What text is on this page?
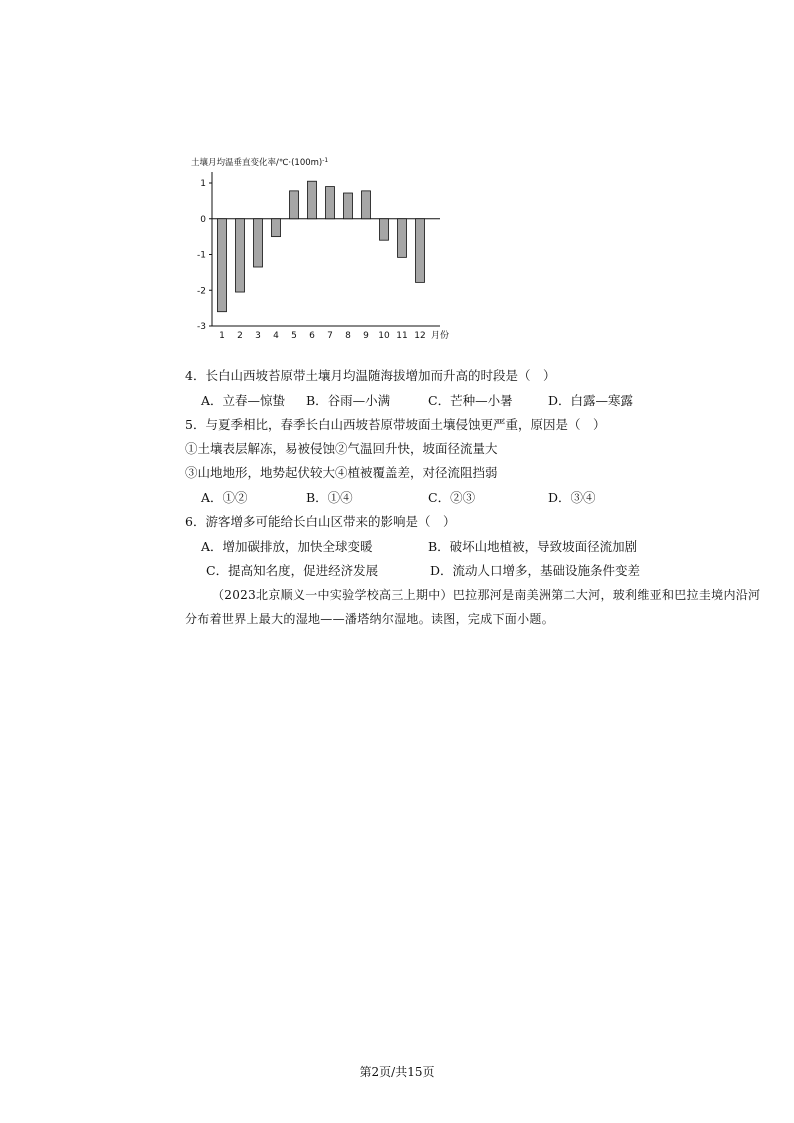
土壤月均温垂直变化率$/℃\cdot(100m)^{-1}$
1
0
-1
-2
-3
1 2 3 4 5 6 7 8 9 10 11 12 月份
4．长白山西坡苔原带土壤月均温随海拔增加而升高的时段是（　）
A．立春—惊蛰 B．谷雨—小满	C．芒种—小暑	D．白露—寒露
5．与夏季相比，春季长白山西坡苔原带坡面土壤侵蚀更严重，原因是（　）
①土壤表层解冻，易被侵蚀②气温回升快，坡面径流量大
③山地地形，地势起伏较大④植被覆盖差，对径流阻挡弱
A．①②	B．①④	C．②③	D．③④
6．游客增多可能给长白山区带来的影响是（　）
A．增加碳排放，加快全球变暖	B．破坏山地植被，导致坡面径流加剧
C．提高知名度，促进经济发展	D．流动人口增多，基础设施条件变差
（2023北京顺义一中实验学校高三上期中）巴拉那河是南美洲第二大河，玻利维亚和巴拉圭境内沿河
分布着世界上最大的湿地——潘塔纳尔湿地。读图，完成下面小题。
第2页/共15页
